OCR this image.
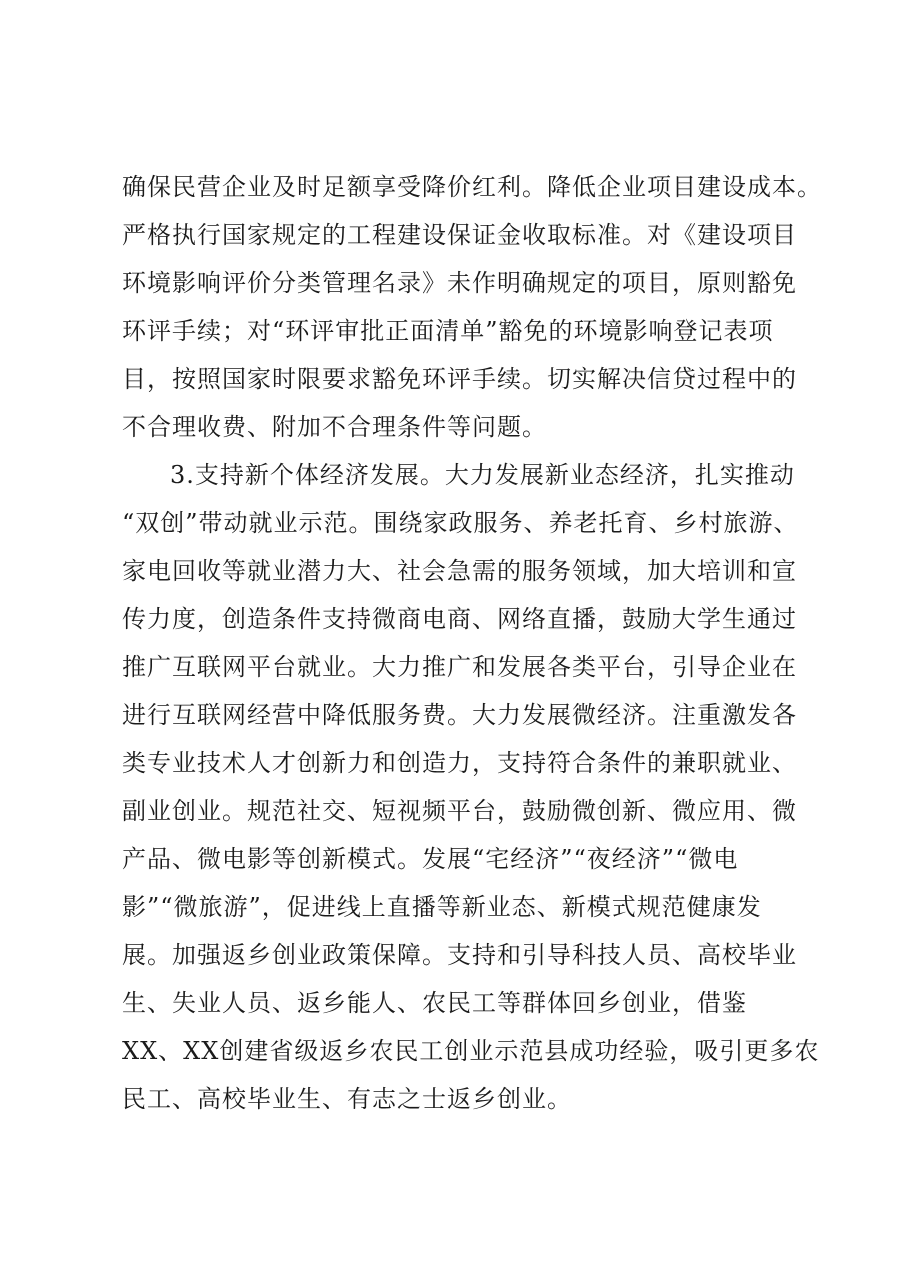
确保民营企业及时足额享受降价红利。降低企业项目建设成本。
严格执行国家规定的工程建设保证金收取标准。对《建设项目
环境影响评价分类管理名录》未作明确规定的项目，原则豁免
环评手续；对“环评审批正面清单”豁免的环境影响登记表项
目，按照国家时限要求豁免环评手续。切实解决信贷过程中的
不合理收费、附加不合理条件等问题。
3.支持新个体经济发展。大力发展新业态经济，扎实推动
“双创”带动就业示范。围绕家政服务、养老托育、乡村旅游、
家电回收等就业潜力大、社会急需的服务领域，加大培训和宣
传力度，创造条件支持微商电商、网络直播，鼓励大学生通过
推广互联网平台就业。大力推广和发展各类平台，引导企业在
进行互联网经营中降低服务费。大力发展微经济。注重激发各
类专业技术人才创新力和创造力，支持符合条件的兼职就业、
副业创业。规范社交、短视频平台，鼓励微创新、微应用、微
产品、微电影等创新模式。发展“宅经济”“夜经济”“微电
影”“微旅游”，促进线上直播等新业态、新模式规范健康发
展。加强返乡创业政策保障。支持和引导科技人员、高校毕业
生、失业人员、返乡能人、农民工等群体回乡创业，借鉴
XX、XX创建省级返乡农民工创业示范县成功经验，吸引更多农
民工、高校毕业生、有志之士返乡创业。
